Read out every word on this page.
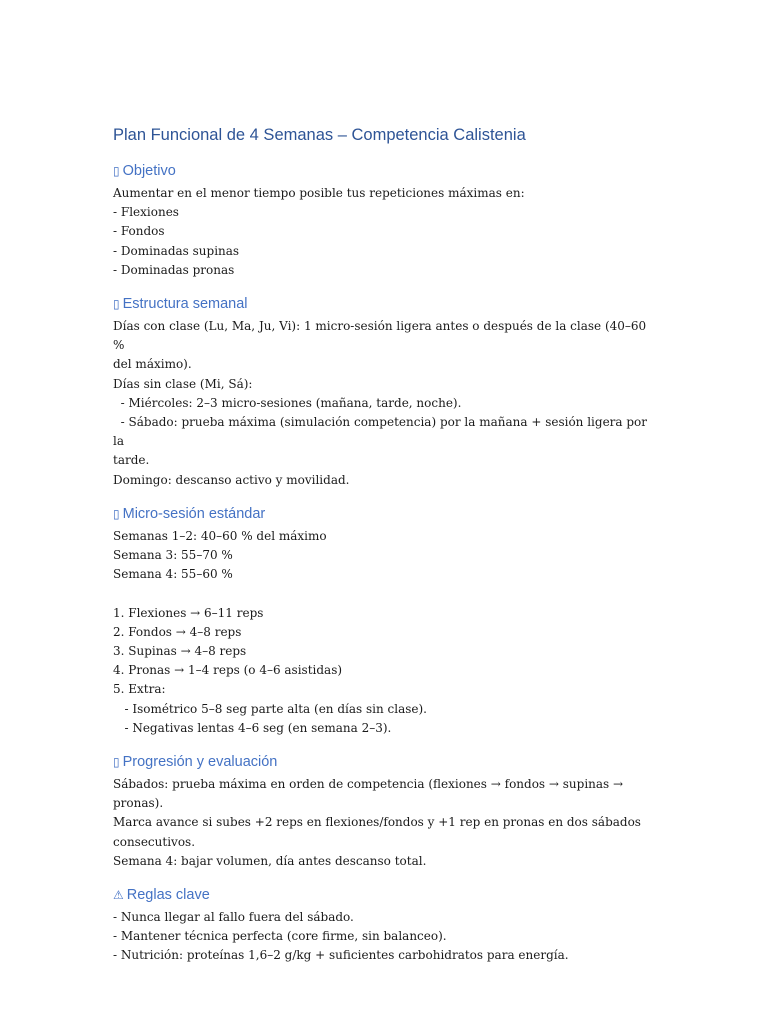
Plan Funcional de 4 Semanas – Competencia Calistenia
▯ Objetivo
Aumentar en el menor tiempo posible tus repeticiones máximas en:
- Flexiones
- Fondos
- Dominadas supinas
- Dominadas pronas
▯ Estructura semanal
Días con clase (Lu, Ma, Ju, Vi): 1 micro-sesión ligera antes o después de la clase (40–60 %
del máximo).
Días sin clase (Mi, Sá):
- Miércoles: 2–3 micro-sesiones (mañana, tarde, noche).
- Sábado: prueba máxima (simulación competencia) por la mañana + sesión ligera por la
tarde.
Domingo: descanso activo y movilidad.
▯ Micro-sesión estándar
Semanas 1–2: 40–60 % del máximo
Semana 3: 55–70 %
Semana 4: 55–60 %
1. Flexiones → 6–11 reps
2. Fondos → 4–8 reps
3. Supinas → 4–8 reps
4. Pronas → 1–4 reps (o 4–6 asistidas)
5. Extra:
- Isométrico 5–8 seg parte alta (en días sin clase).
- Negativas lentas 4–6 seg (en semana 2–3).
▯ Progresión y evaluación
Sábados: prueba máxima en orden de competencia (flexiones → fondos → supinas →
pronas).
Marca avance si subes +2 reps en flexiones/fondos y +1 rep en pronas en dos sábados
consecutivos.
Semana 4: bajar volumen, día antes descanso total.
⚠ Reglas clave
- Nunca llegar al fallo fuera del sábado.
- Mantener técnica perfecta (core firme, sin balanceo).
- Nutrición: proteínas 1,6–2 g/kg + suficientes carbohidratos para energía.
